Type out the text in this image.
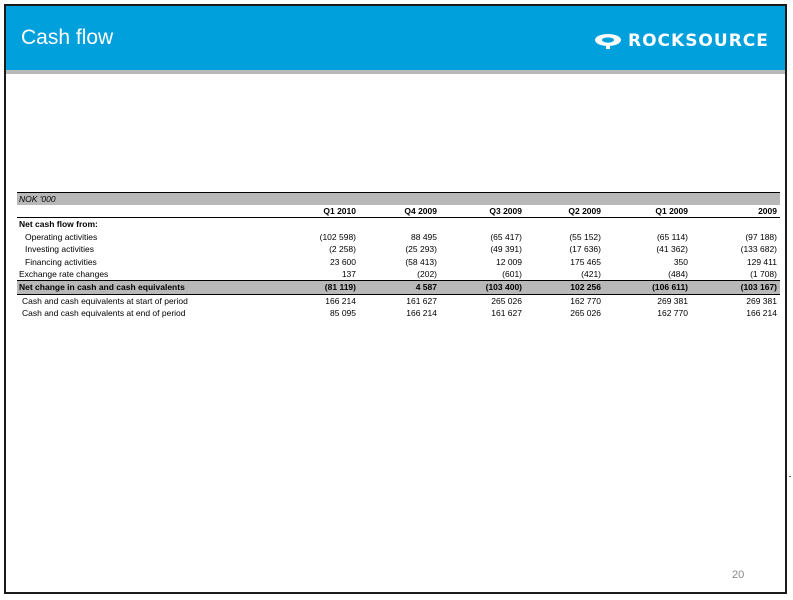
Cash flow	ROCKSOURCE
NOK '000
Q1 2010	Q4 2009	Q3 2009	Q2 2009	Q1 2009	2009
Net cash flow from:
Operating activities	(102 598)	88 495	(65 417)	(55 152)	(65 114)	(97 188)
Investing activities	(2 258)	(25 293)	(49 391)	(17 636)	(41 362)	(133 682)
Financing activities	23 600	(58 413)	12 009	175 465	350	129 411
Exchange rate changes	137	(202)	(601)	(421)	(484)	(1 708)
Net change in cash and cash equivalents	(81 119)	4 587	(103 400)	102 256	(106 611)	(103 167)
Cash and cash equivalents at start of period	166 214	161 627	265 026	162 770	269 381	269 381
Cash and cash equivalents at end of period	85 095	166 214	161 627	265 026	162 770	166 214
20
